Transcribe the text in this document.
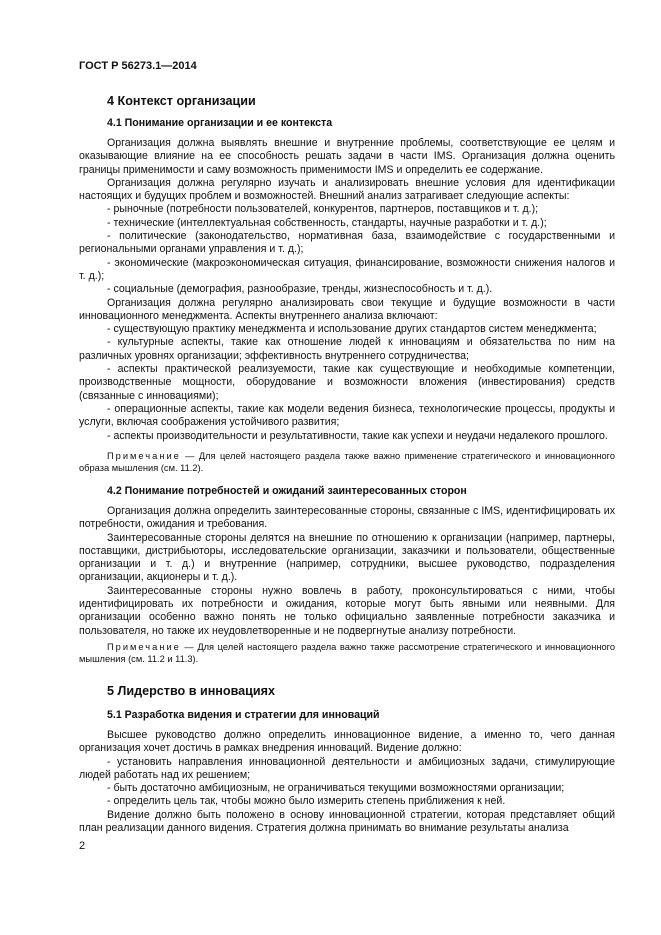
ГОСТ Р 56273.1—2014
4 Контекст организации
4.1 Понимание организации и ее контекста

Организация должна выявлять внешние и внутренние проблемы, соответствующие ее целям и оказывающие влияние на ее способность решать задачи в части IMS. Организация должна оценить границы применимости и саму возможность применимости IMS и определить ее содержание.

Организация должна регулярно изучать и анализировать внешние условия для идентификации настоящих и будущих проблем и возможностей. Внешний анализ затрагивает следующие аспекты:

- рыночные (потребности пользователей, конкурентов, партнеров, поставщиков и т. д.);

- технические (интеллектуальная собственность, стандарты, научные разработки и т. д.);

- политические (законодательство, нормативная база, взаимодействие с государственными и региональными органами управления и т. д.);

- экономические (макроэкономическая ситуация, финансирование, возможности снижения налогов и т. д.);

- социальные (демография, разнообразие, тренды, жизнеспособность и т. д.).

Организация должна регулярно анализировать свои текущие и будущие возможности в части инновационного менеджмента. Аспекты внутреннего анализа включают:

- существующую практику менеджмента и использование других стандартов систем менеджмента;

- культурные аспекты, такие как отношение людей к инновациям и обязательства по ним на различных уровнях организации; эффективность внутреннего сотрудничества;

- аспекты практической реализуемости, такие как существующие и необходимые компетенции, производственные мощности, оборудование и возможности вложения (инвестирования) средств (связанные с инновациями);

- операционные аспекты, такие как модели ведения бизнеса, технологические процессы, продукты и услуги, включая соображения устойчивого развития;

- аспекты производительности и результативности, такие как успехи и неудачи недалекого прошлого.

Примечание — Для целей настоящего раздела также важно применение стратегического и инновационного образа мышления (см. 11.2).

4.2 Понимание потребностей и ожиданий заинтересованных сторон

Организация должна определить заинтересованные стороны, связанные с IMS, идентифицировать их потребности, ожидания и требования.

Заинтересованные стороны делятся на внешние по отношению к организации (например, партнеры, поставщики, дистрибьюторы, исследовательские организации, заказчики и пользователи, общественные организации и т. д.) и внутренние (например, сотрудники, высшее руководство, подразделения организации, акционеры и т. д.).

Заинтересованные стороны нужно вовлечь в работу, проконсультироваться с ними, чтобы идентифицировать их потребности и ожидания, которые могут быть явными или неявными. Для организации особенно важно понять не только официально заявленные потребности заказчика и пользователя, но также их неудовлетворенные и не подвергнутые анализу потребности.

Примечание — Для целей настоящего раздела важно также рассмотрение стратегического и инновационного мышления (см. 11.2 и 11.3).

5 Лидерство в инновациях
5.1 Разработка видения и стратегии для инноваций

Высшее руководство должно определить инновационное видение, а именно то, чего данная организация хочет достичь в рамках внедрения инноваций. Видение должно:

- установить направления инновационной деятельности и амбициозных задачи, стимулирующие людей работать над их решением;

- быть достаточно амбициозным, не ограничиваться текущими возможностями организации;

- определить цель так, чтобы можно было измерить степень приближения к ней.

Видение должно быть положено в основу инновационной стратегии, которая представляет общий план реализации данного видения. Стратегия должна принимать во внимание результаты анализа

2
